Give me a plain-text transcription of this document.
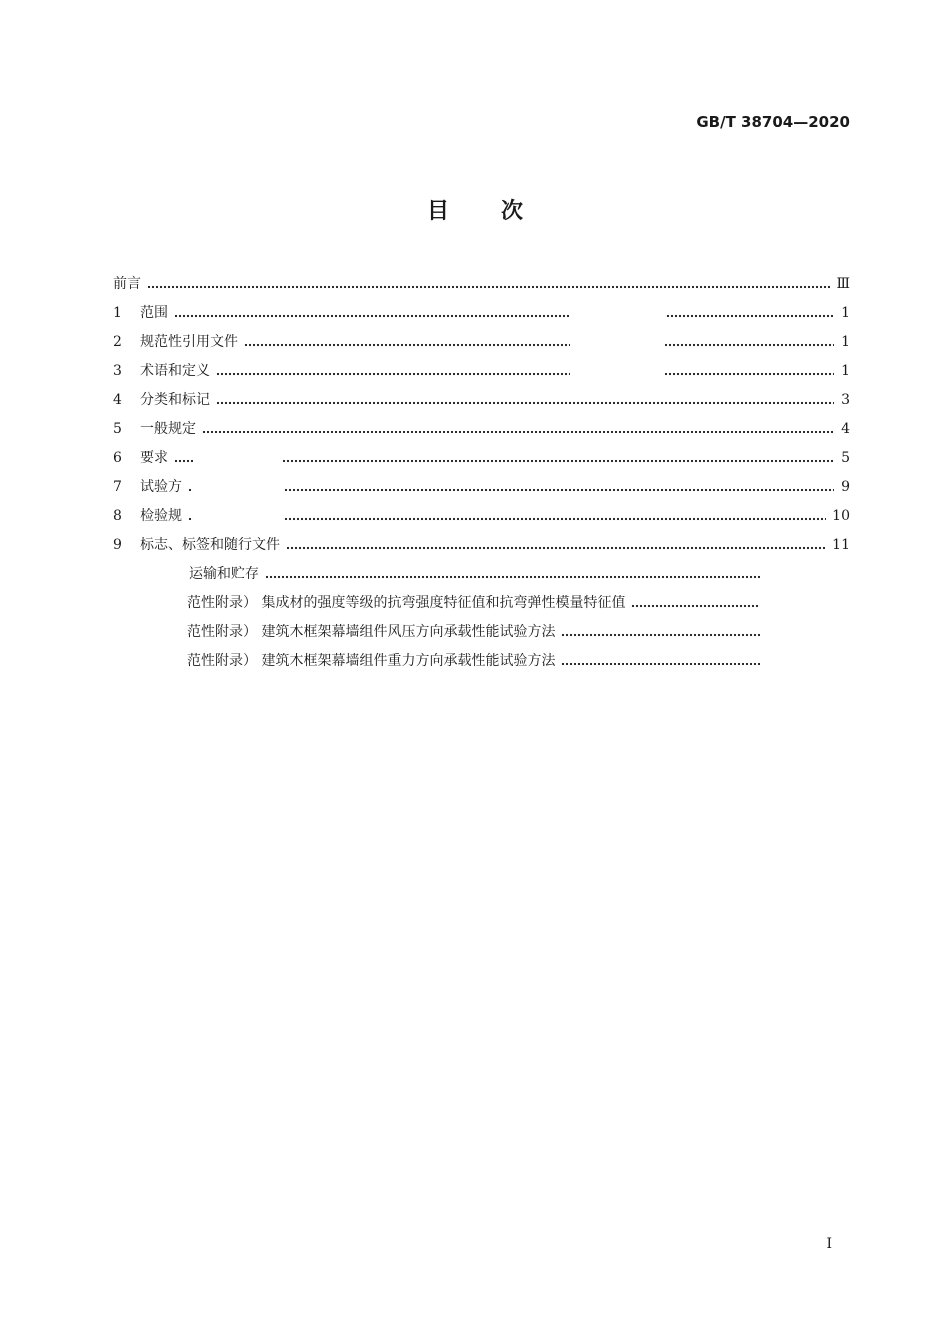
GB/T 38704—2020
目次
前言	Ⅲ
1	范围	1
2	规范性引用文件	1
3	术语和定义	1
4	分类和标记	3
5	一般规定	4
6	要求	5
7	试验方	9
8	检验规	10
9	标志、标签和随行文件	11
运输和贮存
范性附录） 集成材的强度等级的抗弯强度特征值和抗弯弹性模量特征值
范性附录） 建筑木框架幕墙组件风压方向承载性能试验方法
范性附录） 建筑木框架幕墙组件重力方向承载性能试验方法
I
